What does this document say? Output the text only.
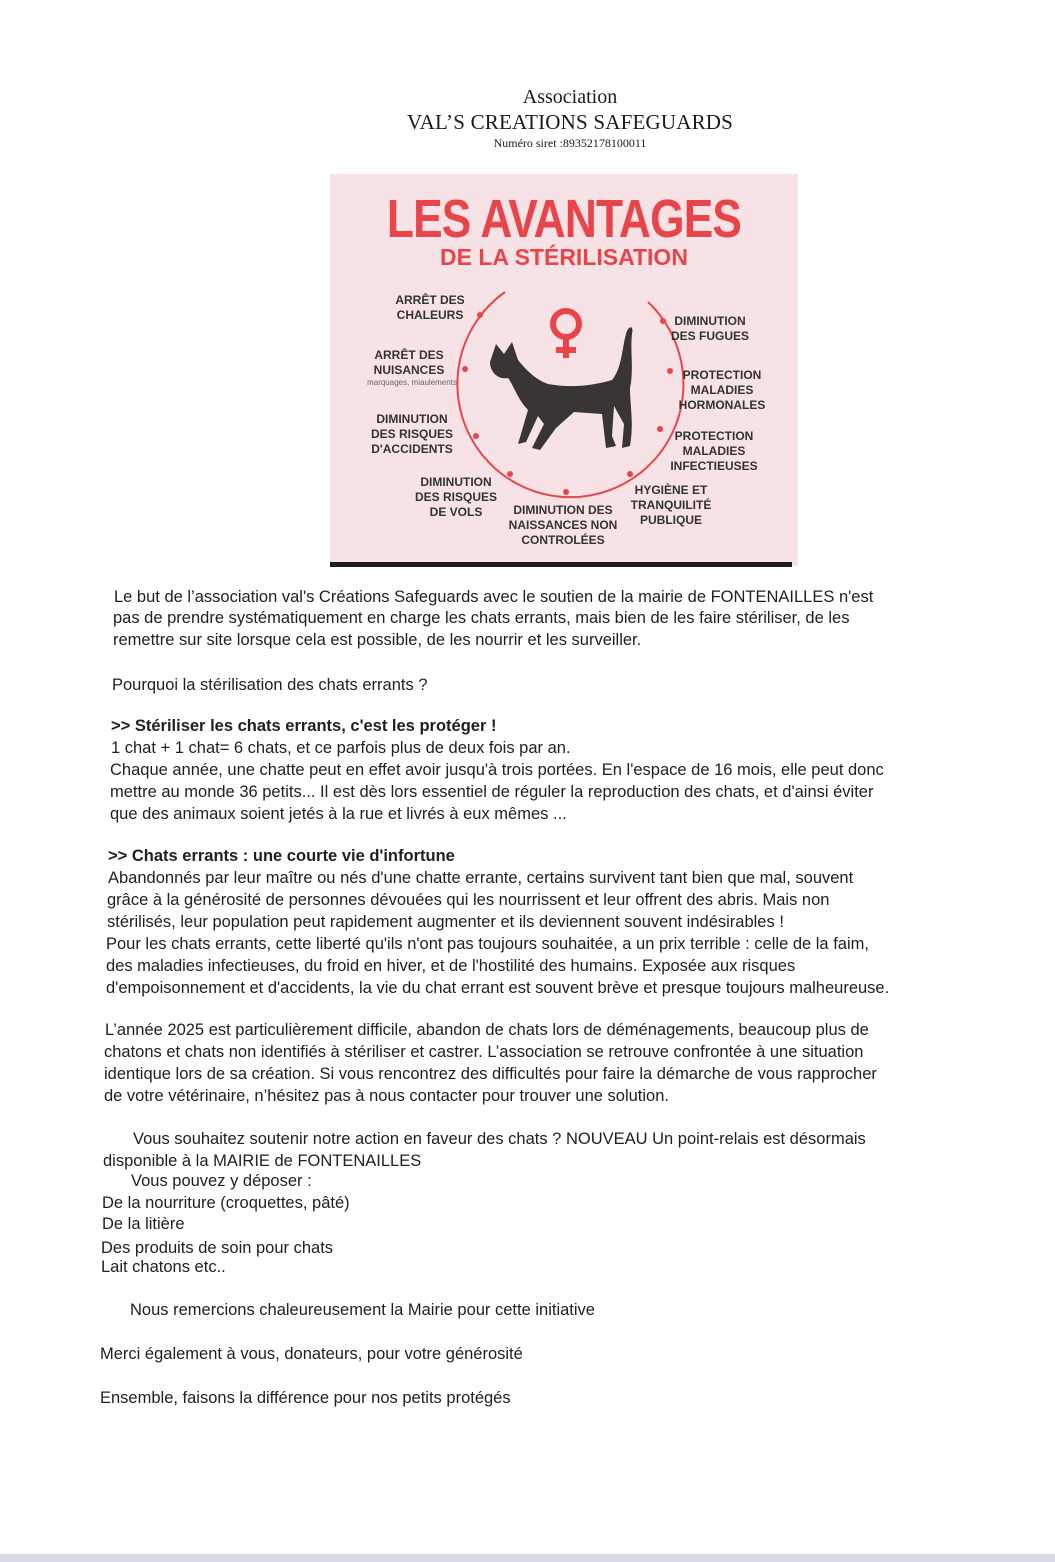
Association
VAL’S CREATIONS SAFEGUARDS
Numéro siret :89352178100011
LES AVANTAGES
DE LA STÉRILISATION
ARRÊT DES
CHALEURS
ARRÊT DES
NUISANCES
marquages, miaulements
DIMINUTION
DES RISQUES
D'ACCIDENTS
DIMINUTION
DES RISQUES
DE VOLS	DIMINUTION DES
NAISSANCES NON
CONTROLÉES
HYGIÈNE ET
TRANQUILITÉ
PUBLIQUE
PROTECTION
MALADIES
INFECTIEUSES
PROTECTION
MALADIES
HORMONALES
DIMINUTION
DES FUGUES
Le but de l’association val's Créations Safeguards avec le soutien de la mairie de FONTENAILLES n'est
pas de prendre systématiquement en charge les chats errants, mais bien de les faire stériliser, de les
remettre sur site lorsque cela est possible, de les nourrir et les surveiller.
Pourquoi la stérilisation des chats errants ?
>> Stériliser les chats errants, c'est les protéger !
1 chat + 1 chat= 6 chats, et ce parfois plus de deux fois par an.
Chaque année, une chatte peut en effet avoir jusqu'à trois portées. En l'espace de 16 mois, elle peut donc
mettre au monde 36 petits... Il est dès lors essentiel de réguler la reproduction des chats, et d'ainsi éviter
que des animaux soient jetés à la rue et livrés à eux mêmes ...
>> Chats errants : une courte vie d'infortune
Abandonnés par leur maître ou nés d'une chatte errante, certains survivent tant bien que mal, souvent
grâce à la générosité de personnes dévouées qui les nourrissent et leur offrent des abris. Mais non
stérilisés, leur population peut rapidement augmenter et ils deviennent souvent indésirables !
Pour les chats errants, cette liberté qu'ils n'ont pas toujours souhaitée, a un prix terrible : celle de la faim,
des maladies infectieuses, du froid en hiver, et de l'hostilité des humains. Exposée aux risques
d'empoisonnement et d'accidents, la vie du chat errant est souvent brève et presque toujours malheureuse.
L’année 2025 est particulièrement difficile, abandon de chats lors de déménagements, beaucoup plus de
chatons et chats non identifiés à stériliser et castrer. L’association se retrouve confrontée à une situation
identique lors de sa création. Si vous rencontrez des difficultés pour faire la démarche de vous rapprocher
de votre vétérinaire, n’hésitez pas à nous contacter pour trouver une solution.
Vous souhaitez soutenir notre action en faveur des chats ? NOUVEAU Un point-relais est désormais
disponible à la MAIRIE de FONTENAILLES
Vous pouvez y déposer :
De la nourriture (croquettes, pâté)
De la litière
Des produits de soin pour chats
Lait chatons etc..
Nous remercions chaleureusement la Mairie pour cette initiative
Merci également à vous, donateurs, pour votre générosité
Ensemble, faisons la différence pour nos petits protégés
